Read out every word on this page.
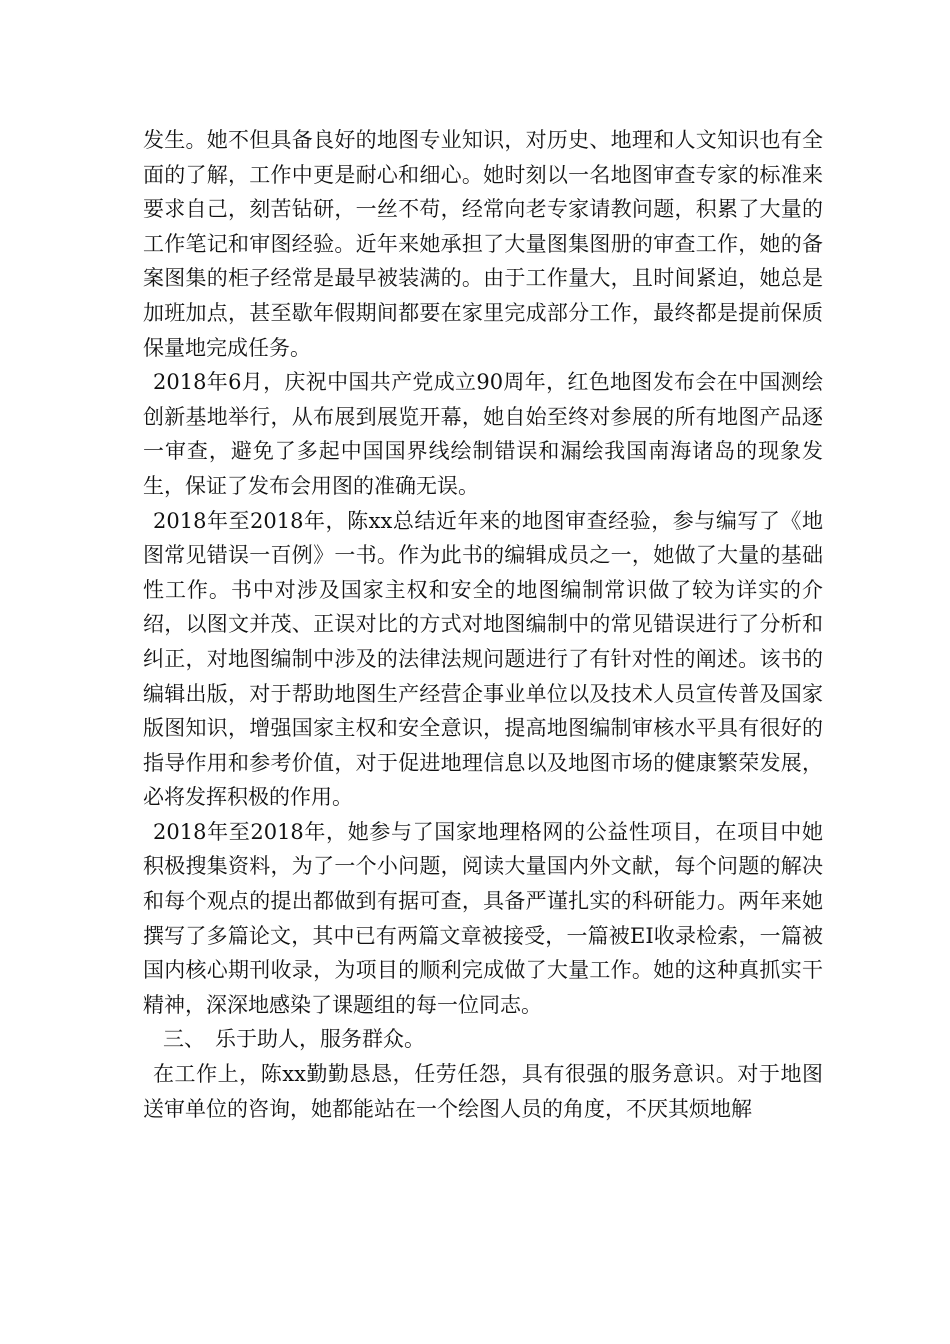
发生。她不但具备良好的地图专业知识，对历史、地理和人文知识也有全面的了解，工作中更是耐心和细心。她时刻以一名地图审查专家的标准来要求自己，刻苦钻研，一丝不苟，经常向老专家请教问题，积累了大量的工作笔记和审图经验。近年来她承担了大量图集图册的审查工作，她的备案图集的柜子经常是最早被装满的。由于工作量大，且时间紧迫，她总是加班加点，甚至歇年假期间都要在家里完成部分工作，最终都是提前保质保量地完成任务。

2018年6月，庆祝中国共产党成立90周年，红色地图发布会在中国测绘创新基地举行，从布展到展览开幕，她自始至终对参展的所有地图产品逐一审查，避免了多起中国国界线绘制错误和漏绘我国南海诸岛的现象发生，保证了发布会用图的准确无误。

2018年至2018年，陈xx总结近年来的地图审查经验，参与编写了《地图常见错误一百例》一书。作为此书的编辑成员之一，她做了大量的基础性工作。书中对涉及国家主权和安全的地图编制常识做了较为详实的介绍，以图文并茂、正误对比的方式对地图编制中的常见错误进行了分析和纠正，对地图编制中涉及的法律法规问题进行了有针对性的阐述。该书的编辑出版，对于帮助地图生产经营企事业单位以及技术人员宣传普及国家版图知识，增强国家主权和安全意识，提高地图编制审核水平具有很好的指导作用和参考价值，对于促进地理信息以及地图市场的健康繁荣发展，必将发挥积极的作用。

2018年至2018年，她参与了国家地理格网的公益性项目，在项目中她积极搜集资料，为了一个小问题，阅读大量国内外文献，每个问题的解决和每个观点的提出都做到有据可查，具备严谨扎实的科研能力。两年来她撰写了多篇论文，其中已有两篇文章被接受，一篇被EI收录检索，一篇被国内核心期刊收录，为项目的顺利完成做了大量工作。她的这种真抓实干精神，深深地感染了课题组的每一位同志。

三、 乐于助人，服务群众。

在工作上，陈xx勤勤恳恳，任劳任怨，具有很强的服务意识。对于地图送审单位的咨询，她都能站在一个绘图人员的角度，不厌其烦地解
